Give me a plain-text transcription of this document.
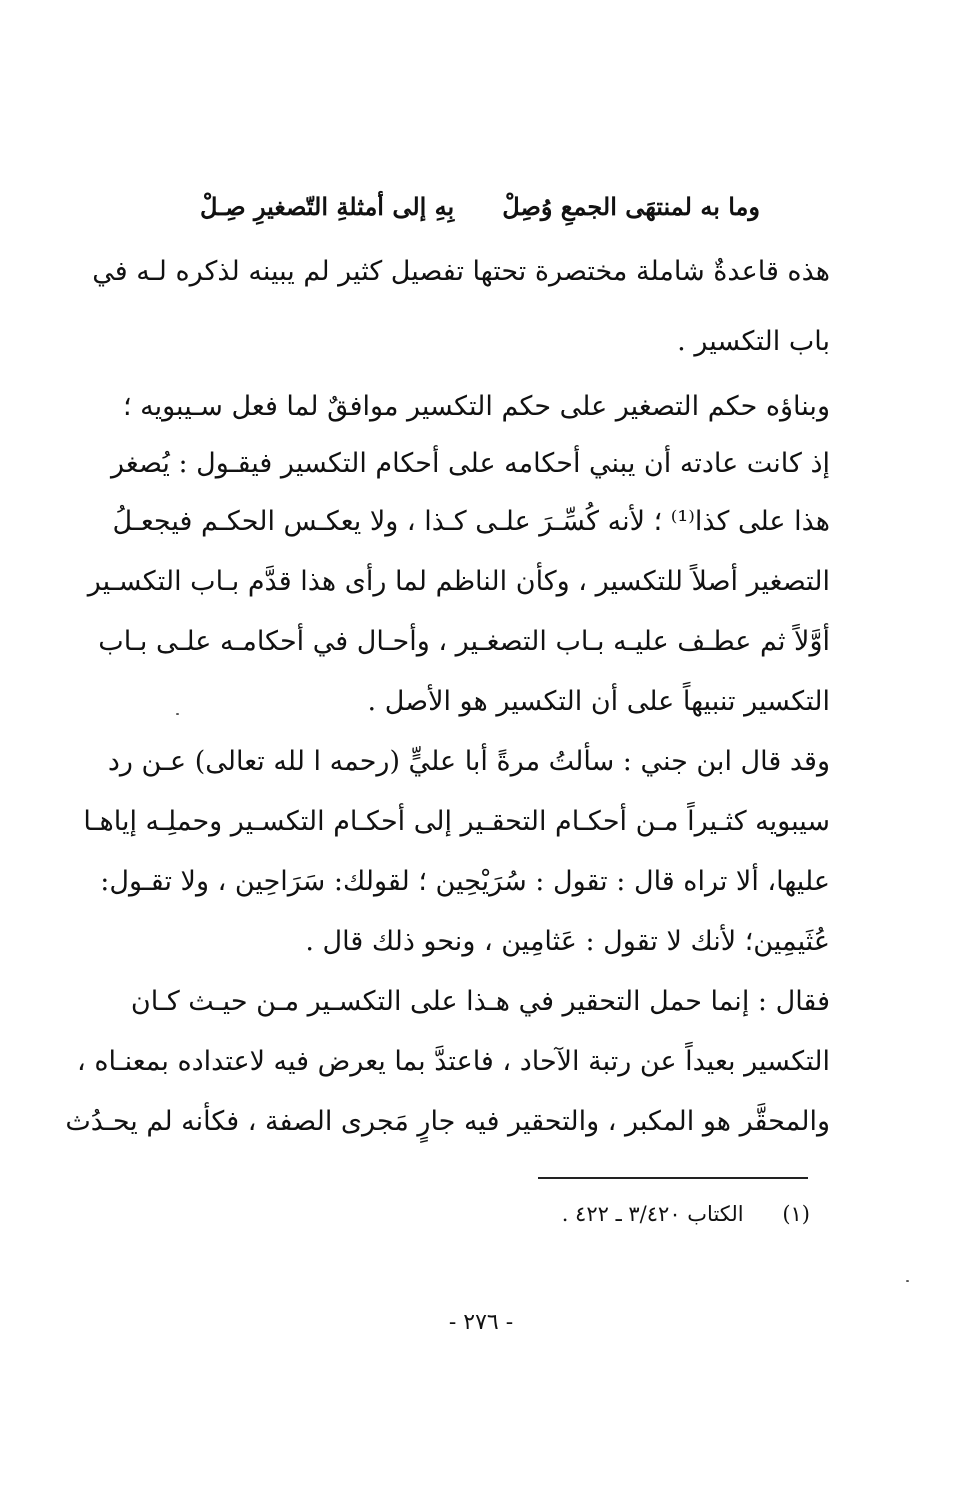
وما به لمنتهَى الجمعِ وُصِلْ
بِهِ إلى أمثلةِ التّصغيرِ صِـلْ
هذه قاعدةٌ شاملة مختصرة تحتها تفصيل كثير لم يبينه لذكره لـه في
باب التكسير .
وبناؤه حكم التصغير على حكم التكسير موافقٌ لما فعل سـيبويه ؛
إذ كانت عادته أن يبني أحكامه على أحكام التكسير فيقـول : يُصغر
هذا على كذا⁽¹⁾ ؛ لأنه كُسِّـرَ علـى كـذا ، ولا يعكـس الحكـم فيجعـلُ
التصغير أصلاً للتكسير ، وكأن الناظم لما رأى هذا قدَّم بـاب التكسـير
أوَّلاً ثم عطـف عليـه بـاب التصغـير ، وأحـال في أحكامـه علـى بـاب
التكسير تنبيهاً على أن التكسير هو الأصل .
وقد قال ابن جني : سألتُ مرةً أبا عليٍّ (رحمه ا لله تعالى) عـن رد
سيبويه كثـيراً مـن أحكـام التحقـير إلى أحكـام التكسـير وحملِـه إياهـا
عليها، ألا تراه قال : تقول : سُرَيْحِين ؛ لقولك: سَرَاحِين ، ولا تقـول:
عُثَيمِين؛ لأنك لا تقول : عَثامِين ، ونحو ذلك قال .
فقال : إنما حمل التحقير في هـذا على التكسـير مـن حيـث كـان
التكسير بعيداً عن رتبة الآحاد ، فاعتدَّ بما يعرض فيه لاعتداده بمعنـاه ،
والمحقَّر هو المكبر ، والتحقير فيه جارٍ مَجرى الصفة ، فكأنه لم يحـدُث
(١) الكتاب ٣/٤٢٠ ـ ٤٢٢ .
- ٢٧٦ -
